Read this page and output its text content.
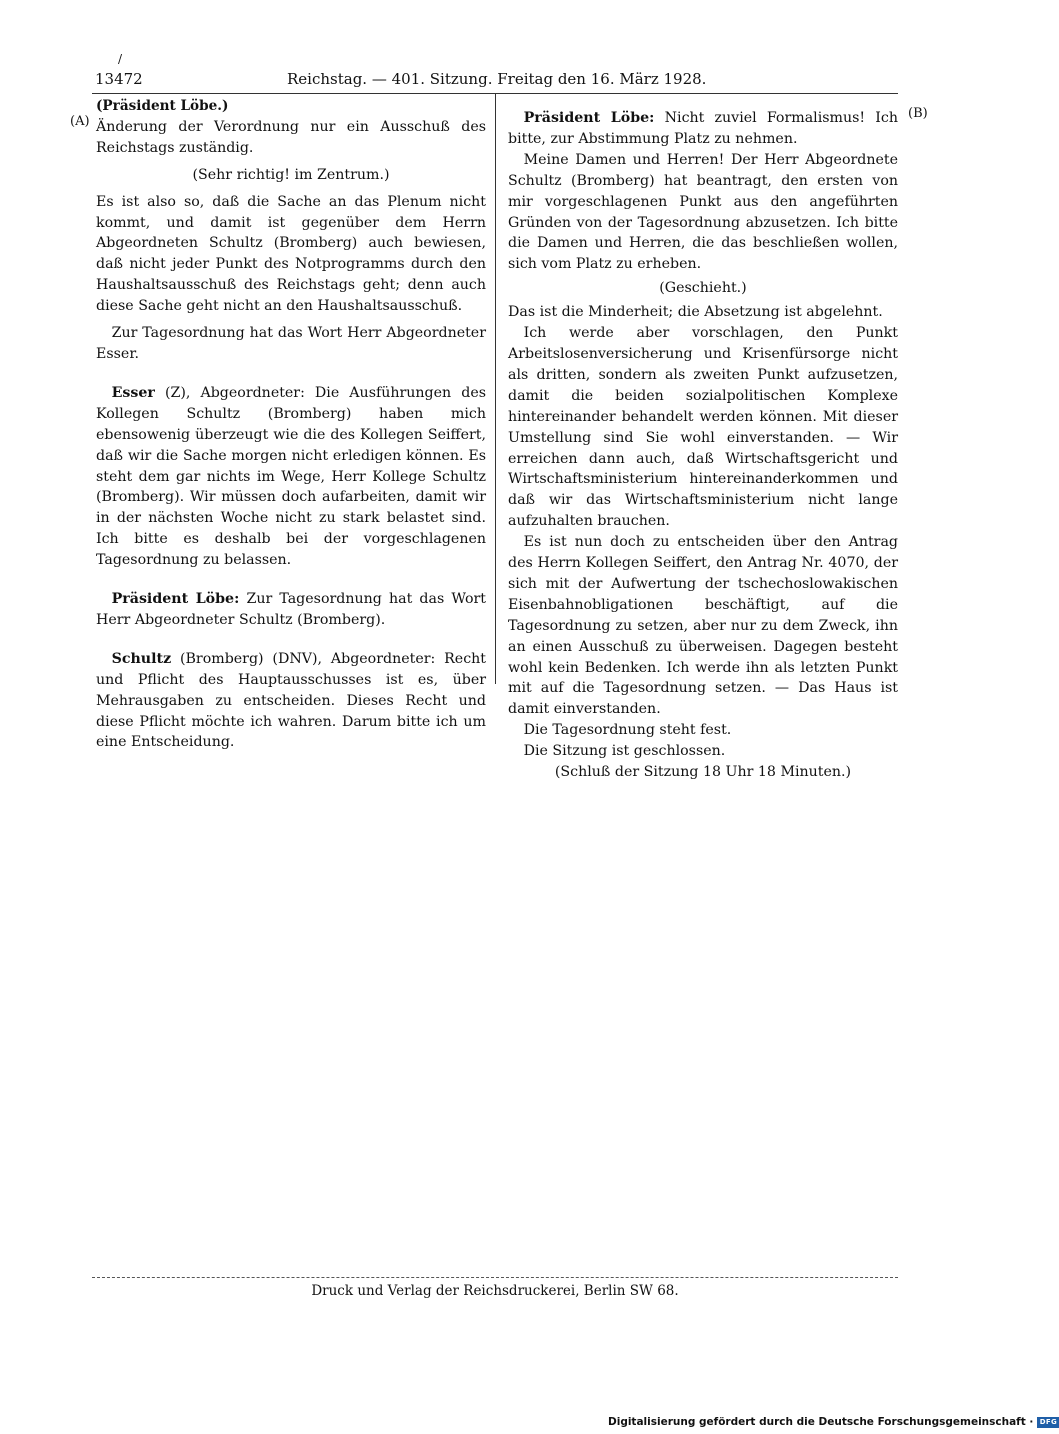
/
13472	Reichstag. — 401. Sitzung. Freitag den 16. März 1928.
(A)
(B)

(Präsident Löbe.)

Änderung der Verordnung nur ein Ausschuß des Reichstags zuständig.

(Sehr richtig! im Zentrum.)

Es ist also so, daß die Sache an das Plenum nicht kommt, und damit ist gegenüber dem Herrn Abgeordneten Schultz (Bromberg) auch bewiesen, daß nicht jeder Punkt des Notprogramms durch den Haushaltsausschuß des Reichstags geht; denn auch diese Sache geht nicht an den Haushaltsausschuß.

Zur Tagesordnung hat das Wort Herr Abgeordneter Esser.

Esser (Z), Abgeordneter: Die Ausführungen des Kollegen Schultz (Bromberg) haben mich ebensowenig überzeugt wie die des Kollegen Seiffert, daß wir die Sache morgen nicht erledigen können. Es steht dem gar nichts im Wege, Herr Kollege Schultz (Bromberg). Wir müssen doch aufarbeiten, damit wir in der nächsten Woche nicht zu stark belastet sind. Ich bitte es deshalb bei der vorgeschlagenen Tagesordnung zu belassen.

Präsident Löbe: Zur Tagesordnung hat das Wort Herr Abgeordneter Schultz (Bromberg).

Schultz (Bromberg) (DNV), Abgeordneter: Recht und Pflicht des Hauptausschusses ist es, über Mehrausgaben zu entscheiden. Dieses Recht und diese Pflicht möchte ich wahren. Darum bitte ich um eine Entscheidung.

Präsident Löbe: Nicht zuviel Formalismus! Ich bitte, zur Abstimmung Platz zu nehmen.

Meine Damen und Herren! Der Herr Abgeordnete Schultz (Bromberg) hat beantragt, den ersten von mir vorgeschlagenen Punkt aus den angeführten Gründen von der Tagesordnung abzusetzen. Ich bitte die Damen und Herren, die das beschließen wollen, sich vom Platz zu erheben.

(Geschieht.)

Das ist die Minderheit; die Absetzung ist abgelehnt.

Ich werde aber vorschlagen, den Punkt Arbeitslosenversicherung und Krisenfürsorge nicht als dritten, sondern als zweiten Punkt aufzusetzen, damit die beiden sozialpolitischen Komplexe hintereinander behandelt werden können. Mit dieser Umstellung sind Sie wohl einverstanden. — Wir erreichen dann auch, daß Wirtschaftsgericht und Wirtschaftsministerium hintereinanderkommen und daß wir das Wirtschaftsministerium nicht lange aufzuhalten brauchen.

Es ist nun doch zu entscheiden über den Antrag des Herrn Kollegen Seiffert, den Antrag Nr. 4070, der sich mit der Aufwertung der tschechoslowakischen Eisenbahnobligationen beschäftigt, auf die Tagesordnung zu setzen, aber nur zu dem Zweck, ihn an einen Ausschuß zu überweisen. Dagegen besteht wohl kein Bedenken. Ich werde ihn als letzten Punkt mit auf die Tagesordnung setzen. — Das Haus ist damit einverstanden.

Die Tagesordnung steht fest.

Die Sitzung ist geschlossen.

(Schluß der Sitzung 18 Uhr 18 Minuten.)

Druck und Verlag der Reichsdruckerei, Berlin SW 68.
Digitalisierung gefördert durch die Deutsche Forschungsgemeinschaft · DFG
